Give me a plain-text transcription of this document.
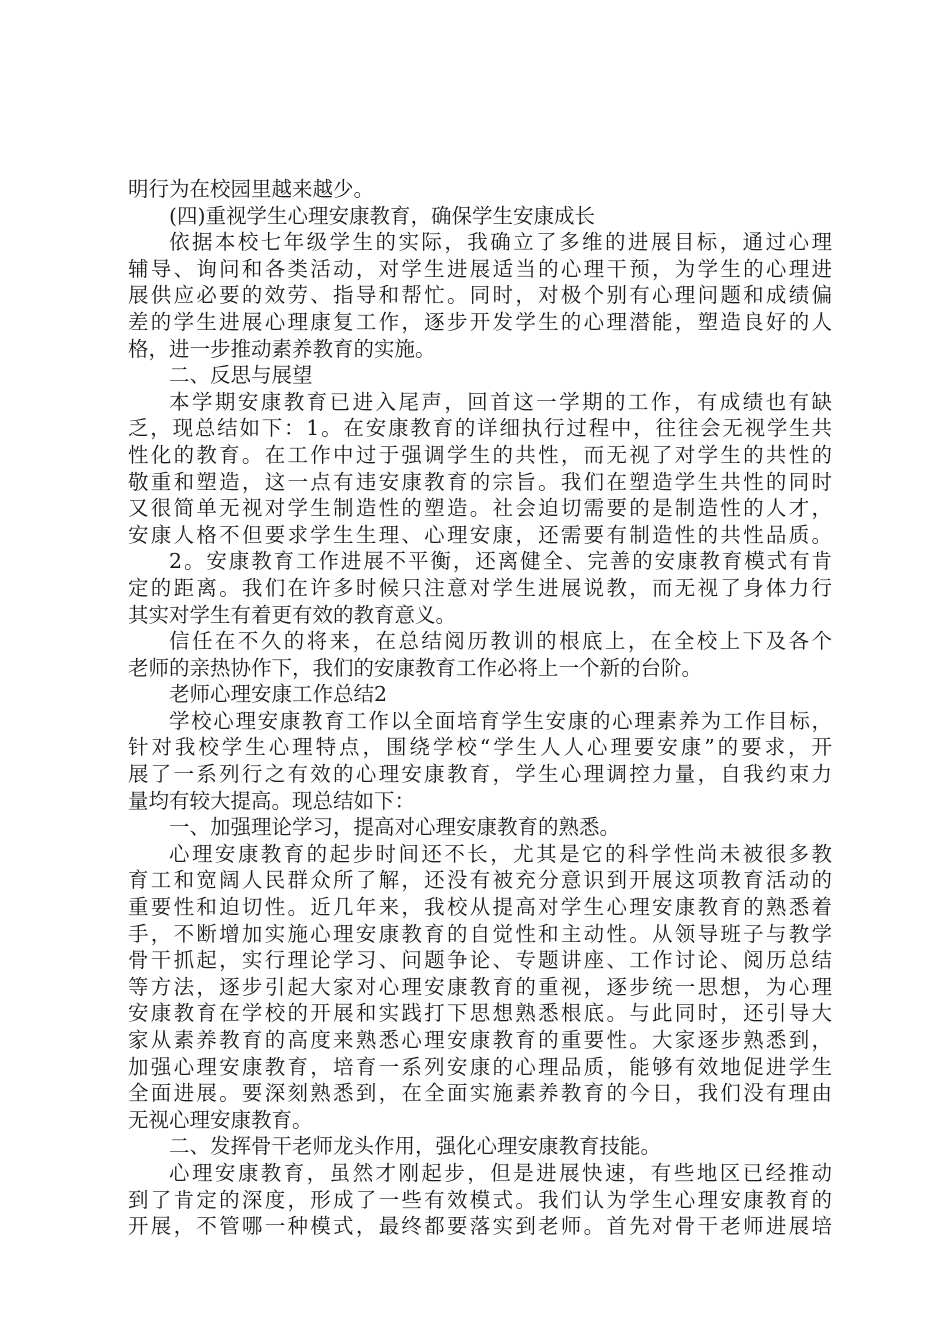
明行为在校园里越来越少。
(四)重视学生心理安康教育，确保学生安康成长
依据本校七年级学生的实际，我确立了多维的进展目标，通过心理
辅导、询问和各类活动，对学生进展适当的心理干预，为学生的心理进
展供应必要的效劳、指导和帮忙。同时，对极个别有心理问题和成绩偏
差的学生进展心理康复工作，逐步开发学生的心理潜能，塑造良好的人
格，进一步推动素养教育的实施。
二、反思与展望
本学期安康教育已进入尾声，回首这一学期的工作，有成绩也有缺
乏，现总结如下：1。在安康教育的详细执行过程中，往往会无视学生共
性化的教育。在工作中过于强调学生的共性，而无视了对学生的共性的
敬重和塑造，这一点有违安康教育的宗旨。我们在塑造学生共性的同时
又很简单无视对学生制造性的塑造。社会迫切需要的是制造性的人才，
安康人格不但要求学生生理、心理安康，还需要有制造性的共性品质。
2。安康教育工作进展不平衡，还离健全、完善的安康教育模式有肯
定的距离。我们在许多时候只注意对学生进展说教，而无视了身体力行
其实对学生有着更有效的教育意义。
信任在不久的将来，在总结阅历教训的根底上，在全校上下及各个
老师的亲热协作下，我们的安康教育工作必将上一个新的台阶。
老师心理安康工作总结2
学校心理安康教育工作以全面培育学生安康的心理素养为工作目标，
针对我校学生心理特点，围绕学校“学生人人心理要安康”的要求，开
展了一系列行之有效的心理安康教育，学生心理调控力量，自我约束力
量均有较大提高。现总结如下：
一、加强理论学习，提高对心理安康教育的熟悉。
心理安康教育的起步时间还不长，尤其是它的科学性尚未被很多教
育工和宽阔人民群众所了解，还没有被充分意识到开展这项教育活动的
重要性和迫切性。近几年来，我校从提高对学生心理安康教育的熟悉着
手，不断增加实施心理安康教育的自觉性和主动性。从领导班子与教学
骨干抓起，实行理论学习、问题争论、专题讲座、工作讨论、阅历总结
等方法，逐步引起大家对心理安康教育的重视，逐步统一思想，为心理
安康教育在学校的开展和实践打下思想熟悉根底。与此同时，还引导大
家从素养教育的高度来熟悉心理安康教育的重要性。大家逐步熟悉到，
加强心理安康教育，培育一系列安康的心理品质，能够有效地促进学生
全面进展。要深刻熟悉到，在全面实施素养教育的今日，我们没有理由
无视心理安康教育。
二、发挥骨干老师龙头作用，强化心理安康教育技能。
心理安康教育，虽然才刚起步，但是进展快速，有些地区已经推动
到了肯定的深度，形成了一些有效模式。我们认为学生心理安康教育的
开展，不管哪一种模式，最终都要落实到老师。首先对骨干老师进展培
